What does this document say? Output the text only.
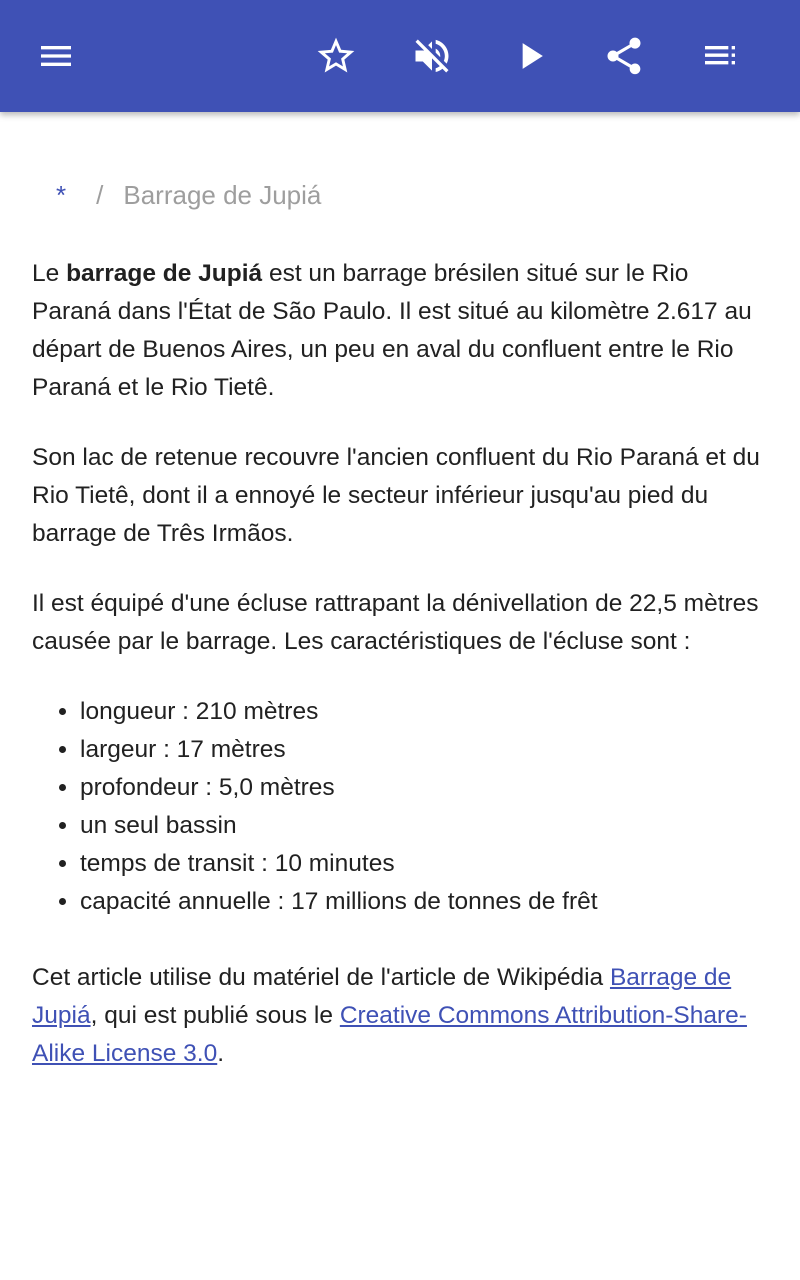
* / Barrage de Jupiá

Le barrage de Jupiá est un barrage brésilen situé sur le Rio Paraná dans l'État de São Paulo. Il est situé au kilomètre 2.617 au départ de Buenos Aires, un peu en aval du confluent entre le Rio Paraná et le Rio Tietê.

Son lac de retenue recouvre l'ancien confluent du Rio Paraná et du Rio Tietê, dont il a ennoyé le secteur inférieur jusqu'au pied du barrage de Três Irmãos.

Il est équipé d'une écluse rattrapant la dénivellation de 22,5 mètres causée par le barrage. Les caractéristiques de l'écluse sont :

• longueur : 210 mètres
• largeur : 17 mètres
• profondeur : 5,0 mètres
• un seul bassin
• temps de transit : 10 minutes
• capacité annuelle : 17 millions de tonnes de frêt

Cet article utilise du matériel de l'article de Wikipédia Barrage de Jupiá, qui est publié sous le Creative Commons Attribution-Share-Alike License 3.0.
